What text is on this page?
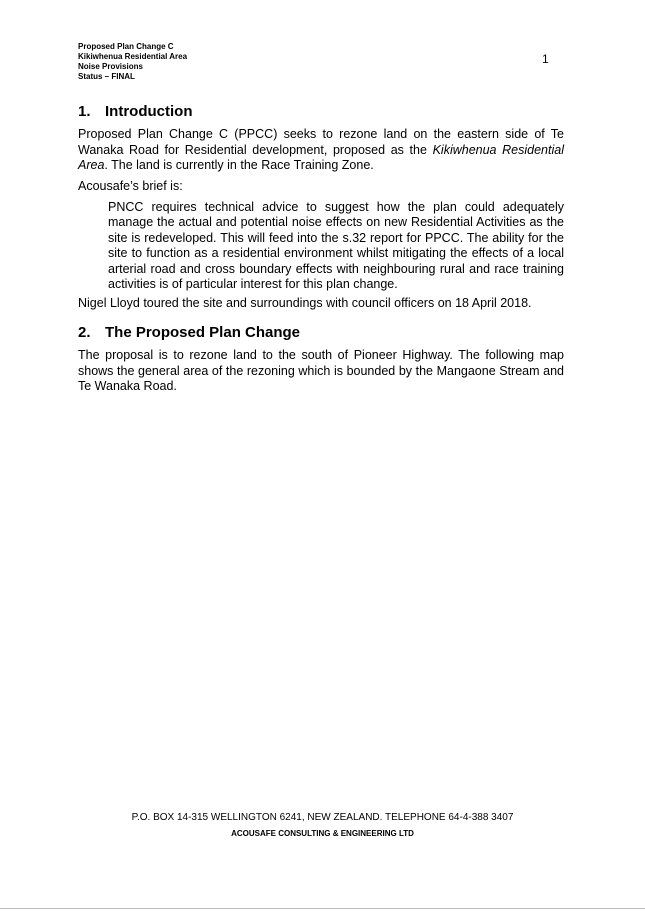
Proposed Plan Change C
Kikiwhenua Residential Area
Noise Provisions
Status – FINAL
1
1. Introduction

Proposed Plan Change C (PPCC) seeks to rezone land on the eastern side of Te Wanaka Road for Residential development, proposed as the Kikiwhenua Residential Area. The land is currently in the Race Training Zone.

Acousafe’s brief is:

PNCC requires technical advice to suggest how the plan could adequately manage the actual and potential noise effects on new Residential Activities as the site is redeveloped. This will feed into the s.32 report for PPCC. The ability for the site to function as a residential environment whilst mitigating the effects of a local arterial road and cross boundary effects with neighbouring rural and race training activities is of particular interest for this plan change.

Nigel Lloyd toured the site and surroundings with council officers on 18 April 2018.

2. The Proposed Plan Change

The proposal is to rezone land to the south of Pioneer Highway. The following map shows the general area of the rezoning which is bounded by the Mangaone Stream and Te Wanaka Road.

P.O. BOX 14-315 WELLINGTON 6241, NEW ZEALAND. TELEPHONE 64-4-388 3407
ACOUSAFE CONSULTING & ENGINEERING LTD
